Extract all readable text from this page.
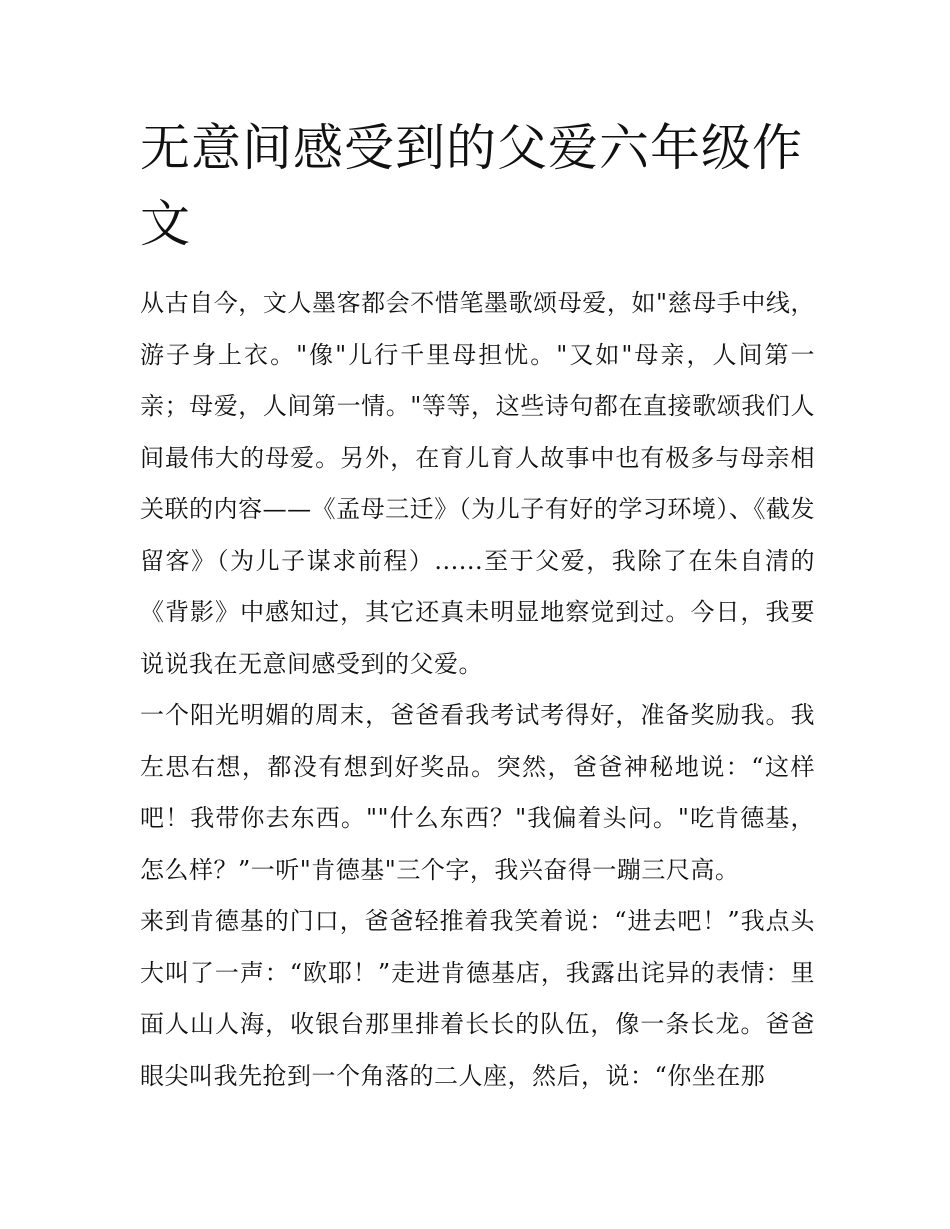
无意间感受到的父爱六年级作文

从古自今，文人墨客都会不惜笔墨歌颂母爱，如"慈母手中线，游子身上衣。"像"儿行千里母担忧。"又如"母亲，人间第一亲；母爱，人间第一情。"等等，这些诗句都在直接歌颂我们人间最伟大的母爱。另外，在育儿育人故事中也有极多与母亲相关联的内容——《孟母三迁》（为儿子有好的学习环境）、《截发留客》（为儿子谋求前程）......至于父爱，我除了在朱自清的《背影》中感知过，其它还真未明显地察觉到过。今日，我要说说我在无意间感受到的父爱。

一个阳光明媚的周末，爸爸看我考试考得好，准备奖励我。我左思右想，都没有想到好奖品。突然，爸爸神秘地说：“这样吧！我带你去东西。""什么东西？"我偏着头问。"吃肯德基，怎么样？”一听"肯德基"三个字，我兴奋得一蹦三尺高。

来到肯德基的门口，爸爸轻推着我笑着说：“进去吧！”我点头大叫了一声：“欧耶！”走进肯德基店，我露出诧异的表情：里面人山人海，收银台那里排着长长的队伍，像一条长龙。爸爸眼尖叫我先抢到一个角落的二人座，然后，说：“你坐在那
